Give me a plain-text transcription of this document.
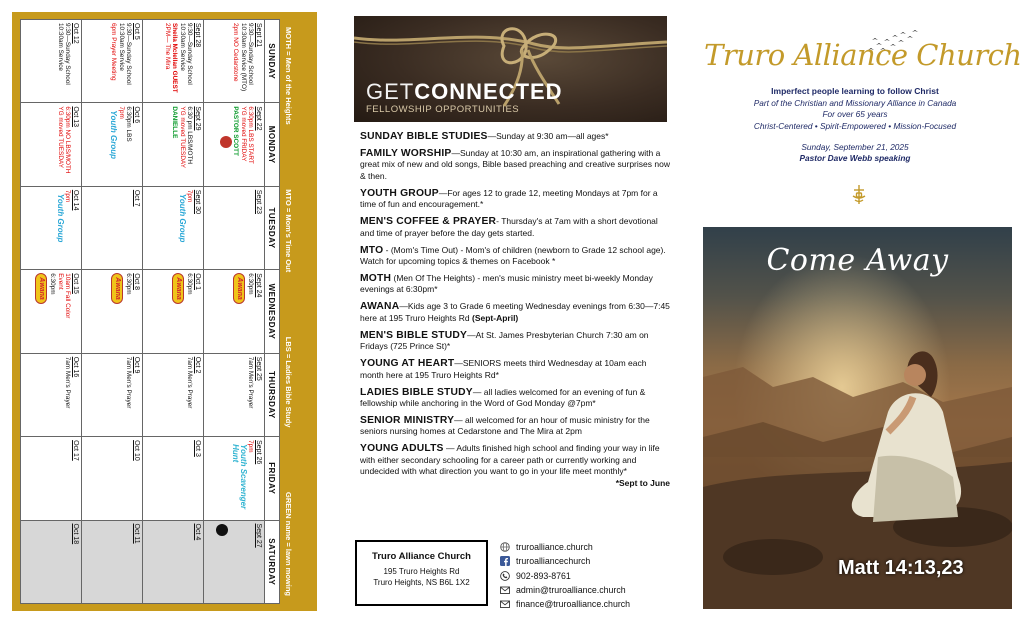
MOTH = Men of the Heights
MTO = Mom's Time Out
LBS = Ladies Bible Study
GREEN name = lawn mowing
SUNDAY	MONDAY	TUESDAY	WEDNESDAY	THURSDAY	FRIDAY	SATURDAY

Sept 21
9:30—Sunday School
10:30am Service (MTO)
2pm NO Cedarstone	Sept 22
6:30pm LBS START
YG moved FRIDAY
PASTOR SCOTT	Sept 23	Sept 24
6:30pm
Awana	Sept 25
7am Men's Prayer	Sept 26
7pm
Youth Scavenger Hunt	Sept 27

Sept 28
9:30—Sunday School
10:30am Service
Sheila Mclellan GUEST
2PM— The Mira	Sept 29
6:30 pm LBS/MOTH
YG moved TUESDAY
DANIELLE	Sept 30
7pm
Youth Group	Oct 1
6:30pm
Awana	Oct 2
7am Men's Prayer	Oct 3	Oct 4

Oct 5
9:30—Sunday School
10:30am Service
6pm Prayer Meeting	Oct 6
6:30pm LBS
7pm
Youth Group	Oct 7	Oct 8
6:30pm
Awana	Oct 9
7am Men's Prayer	Oct 10	Oct 11

Oct 12
9:30—Sunday School
10:30am Service	Oct 13
6:30pm NO LBS/MOTH
YG moved TUESDAY	Oct 14
7pm
Youth Group	Oct 15
10am Fall Color
Event
6:30pm
Awana	Oct 16
7am Men's Prayer	Oct 17	Oct 18
GETCONNECTED
FELLOWSHIP OPPORTUNITIES
SUNDAY BIBLE STUDIES—Sunday at 9:30 am—all ages*
FAMILY WORSHIP—Sunday at 10:30 am, an inspirational gathering with a great mix of new and old songs, Bible based preaching and creative surprises now & then.
YOUTH GROUP—For ages 12 to grade 12, meeting Mondays at 7pm for a time of fun and encouragement.*
MEN'S COFFEE & PRAYER- Thursday's at 7am with a short devotional and time of prayer before the day gets started.
MTO - (Mom's Time Out) - Mom's of children (newborn to Grade 12 school age). Watch for upcoming topics & themes on Facebook *
MOTH (Men Of The Heights) - men's music ministry meet bi-weekly Monday evenings at 6:30pm*
AWANA—Kids age 3 to Grade 6 meeting Wednesday evenings from 6:30—7:45 here at 195 Truro Heights Rd (Sept-April)
MEN'S BIBLE STUDY—At St. James Presbyterian Church 7:30 am on Fridays (725 Prince St)*
YOUNG AT HEART—SENIORS meets third Wednesday at 10am each month here at 195 Truro Heights Rd*
LADIES BIBLE STUDY— all ladies welcomed for an evening of fun & fellowship while anchoring in the Word of God Monday @7pm*
SENIOR MINISTRY— all welcomed for an hour of music ministry for the seniors nursing homes at Cedarstone and The Mira at 2pm
YOUNG ADULTS — Adults finished high school and finding your way in life with either secondary schooling for a career path or currently working and undecided with what direction you want to go in your life meet monthly*
*Sept to June
Truro Alliance Church
195 Truro Heights Rd
Truro Heights, NS B6L 1X2
truroalliance.church
truroalliancechurch
902-893-8761
admin@truroalliance.church
finance@truroalliance.church
Truro Alliance Church
Imperfect people learning to follow Christ
Part of the Christian and Missionary Alliance in Canada
For over 65 years
Christ-Centered • Spirit-Empowered • Mission-Focused
Sunday, September 21, 2025
Pastor Dave Webb speaking
Come Away
Matt 14:13,23
